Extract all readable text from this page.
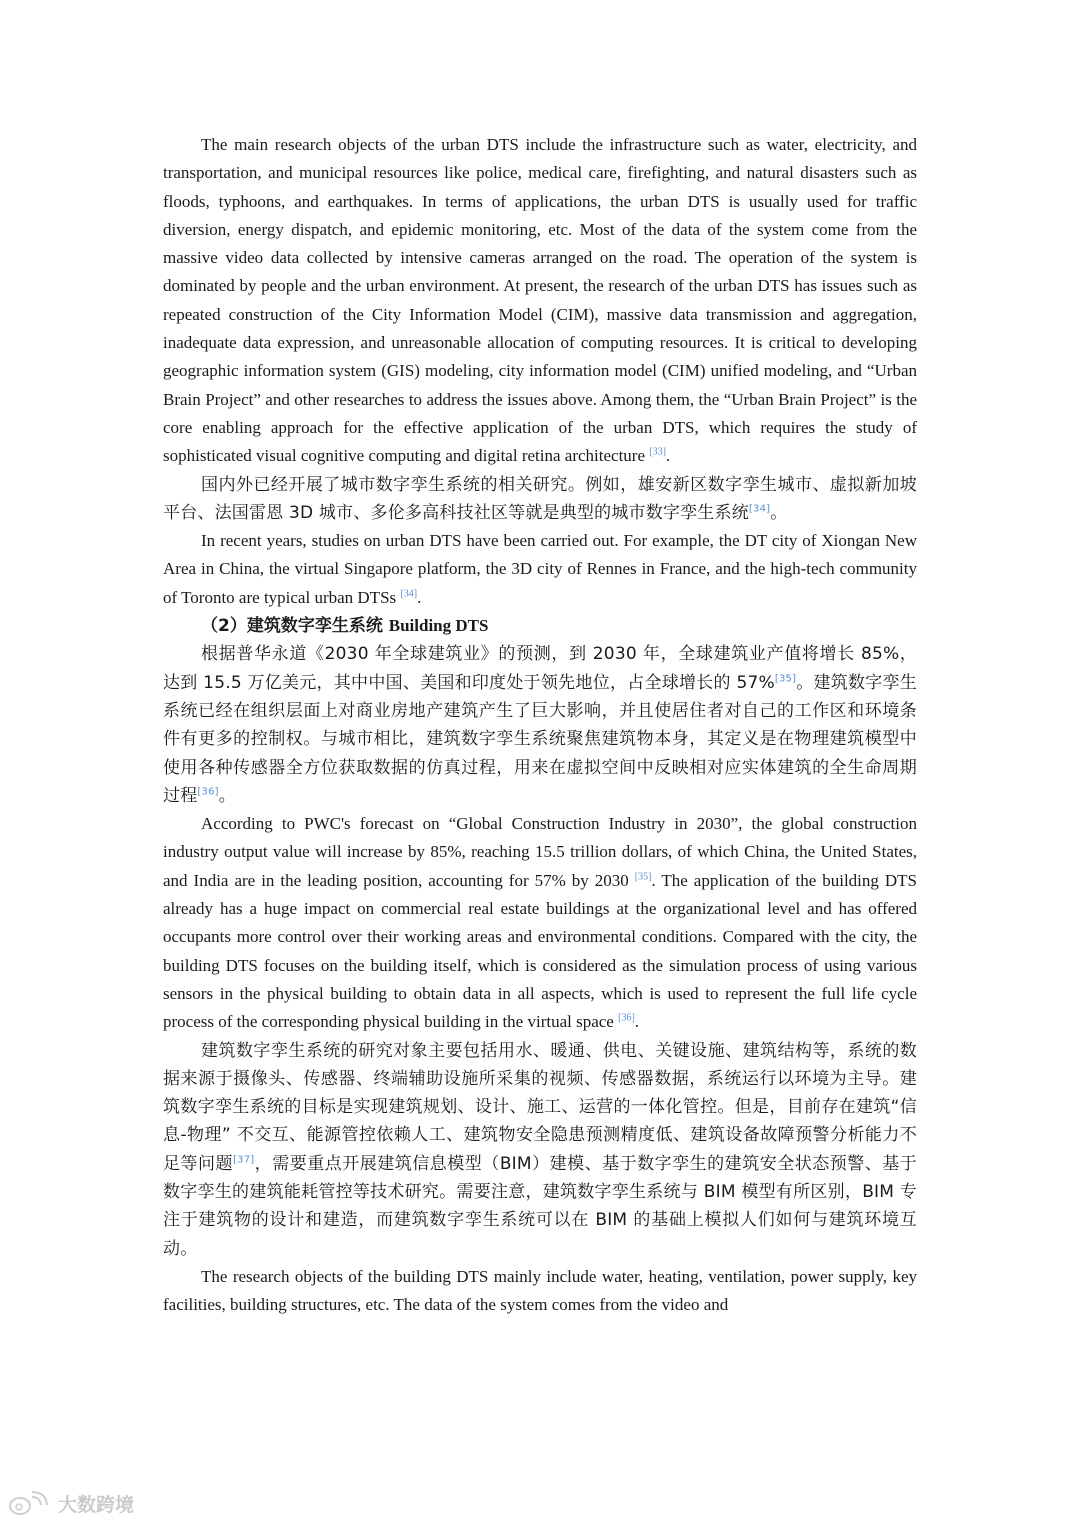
The main research objects of the urban DTS include the infrastructure such as water, electricity, and transportation, and municipal resources like police, medical care, firefighting, and natural disasters such as floods, typhoons, and earthquakes. In terms of applications, the urban DTS is usually used for traffic diversion, energy dispatch, and epidemic monitoring, etc. Most of the data of the system come from the massive video data collected by intensive cameras arranged on the road. The operation of the system is dominated by people and the urban environment. At present, the research of the urban DTS has issues such as repeated construction of the City Information Model (CIM), massive data transmission and aggregation, inadequate data expression, and unreasonable allocation of computing resources. It is critical to developing geographic information system (GIS) modeling, city information model (CIM) unified modeling, and “Urban Brain Project” and other researches to address the issues above. Among them, the “Urban Brain Project” is the core enabling approach for the effective application of the urban DTS, which requires the study of sophisticated visual cognitive computing and digital retina architecture [33].

国内外已经开展了城市数字孪生系统的相关研究。例如，雄安新区数字孪生城市、虚拟新加坡平台、法国雷恩 3D 城市、多伦多高科技社区等就是典型的城市数字孪生系统[34]。

In recent years, studies on urban DTS have been carried out. For example, the DT city of Xiongan New Area in China, the virtual Singapore platform, the 3D city of Rennes in France, and the high-tech community of Toronto are typical urban DTSs [34].

（2）建筑数字孪生系统 Building DTS

根据普华永道《2030 年全球建筑业》的预测，到 2030 年，全球建筑业产值将增长 85%，达到 15.5 万亿美元，其中中国、美国和印度处于领先地位，占全球增长的 57%[35]。建筑数字孪生系统已经在组织层面上对商业房地产建筑产生了巨大影响，并且使居住者对自己的工作区和环境条件有更多的控制权。与城市相比，建筑数字孪生系统聚焦建筑物本身，其定义是在物理建筑模型中使用各种传感器全方位获取数据的仿真过程，用来在虚拟空间中反映相对应实体建筑的全生命周期过程[36]。

According to PWC's forecast on “Global Construction Industry in 2030”, the global construction industry output value will increase by 85%, reaching 15.5 trillion dollars, of which China, the United States, and India are in the leading position, accounting for 57% by 2030 [35]. The application of the building DTS already has a huge impact on commercial real estate buildings at the organizational level and has offered occupants more control over their working areas and environmental conditions. Compared with the city, the building DTS focuses on the building itself, which is considered as the simulation process of using various sensors in the physical building to obtain data in all aspects, which is used to represent the full life cycle process of the corresponding physical building in the virtual space [36].

建筑数字孪生系统的研究对象主要包括用水、暖通、供电、关键设施、建筑结构等，系统的数据来源于摄像头、传感器、终端辅助设施所采集的视频、传感器数据，系统运行以环境为主导。建筑数字孪生系统的目标是实现建筑规划、设计、施工、运营的一体化管控。但是，目前存在建筑“信息-物理” 不交互、能源管控依赖人工、建筑物安全隐患预测精度低、建筑设备故障预警分析能力不足等问题[37]，需要重点开展建筑信息模型（BIM）建模、基于数字孪生的建筑安全状态预警、基于数字孪生的建筑能耗管控等技术研究。需要注意，建筑数字孪生系统与 BIM 模型有所区别，BIM 专注于建筑物的设计和建造，而建筑数字孪生系统可以在 BIM 的基础上模拟人们如何与建筑环境互动。

The research objects of the building DTS mainly include water, heating, ventilation, power supply, key facilities, building structures, etc. The data of the system comes from the video and

大数跨境
